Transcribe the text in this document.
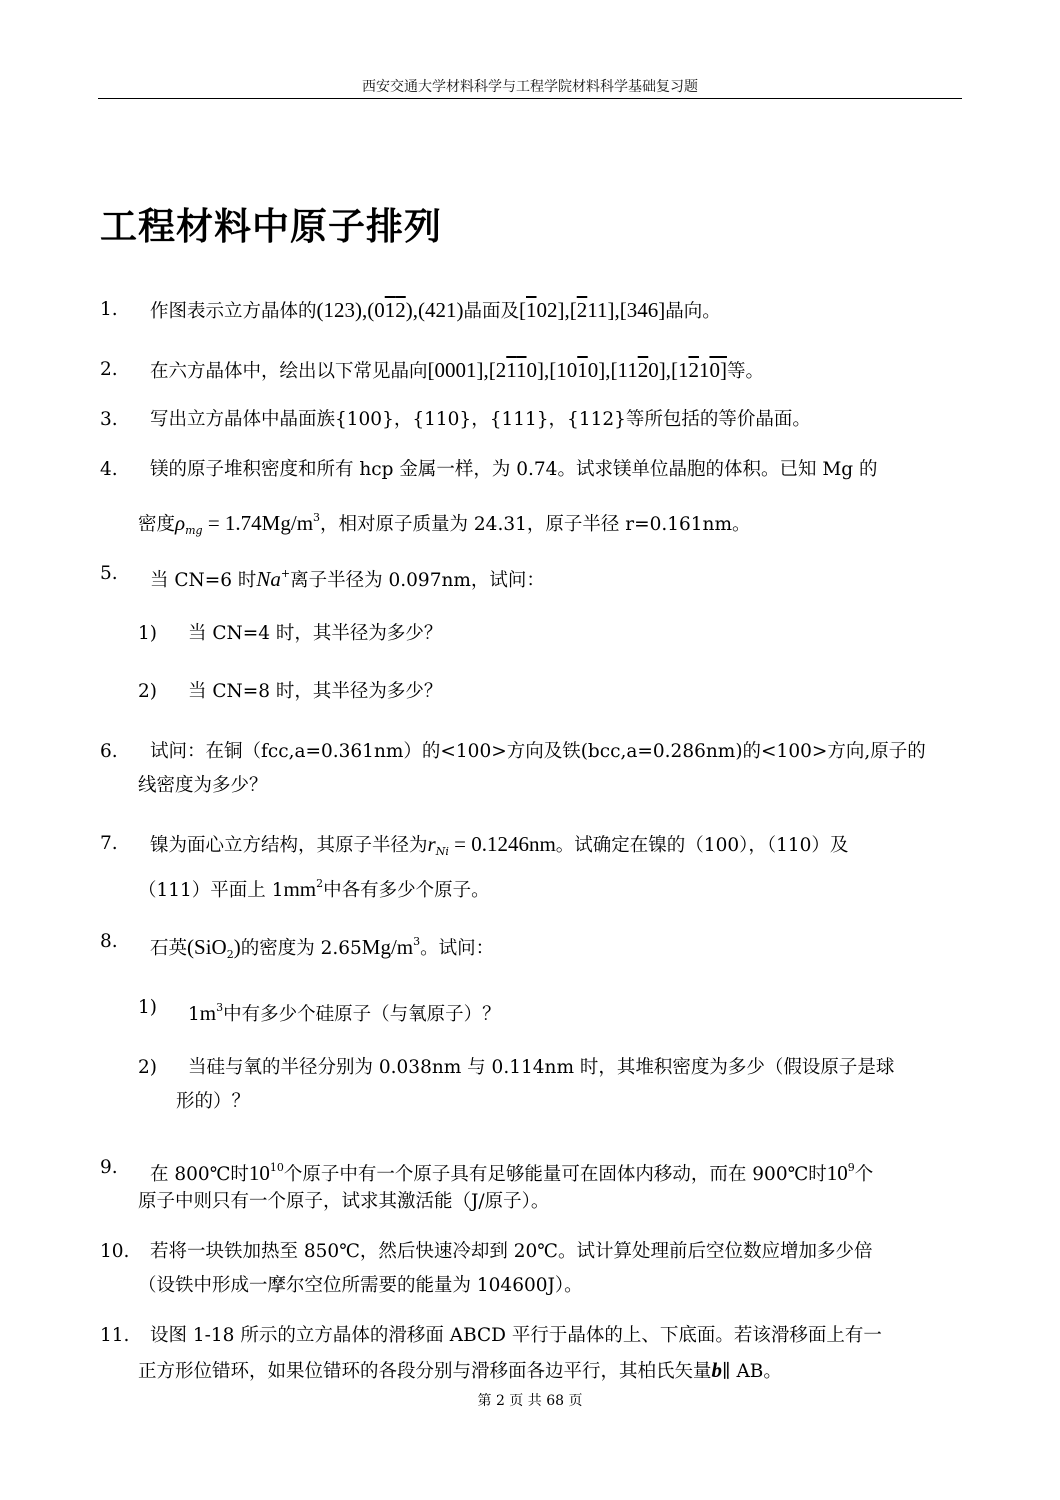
西安交通大学材料科学与工程学院材料科学基础复习题
工程材料中原子排列
1. 作图表示立方晶体的(123),(012),(421)晶面及[102],[211],[346]晶向。
2. 在六方晶体中，绘出以下常见晶向[0001],[2110],[1010],[1120],[1210]等。
3. 写出立方晶体中晶面族{100}，{110}，{111}，{112}等所包括的等价晶面。
4. 镁的原子堆积密度和所有 hcp 金属一样，为 0.74。试求镁单位晶胞的体积。已知 Mg 的
密度$\rho_{mg} = 1.74Mg/m^3$，相对原子质量为 24.31，原子半径 r=0.161nm。
5. 当 CN=6 时Na+离子半径为 0.097nm，试问：
1) 当 CN=4 时，其半径为多少？
2) 当 CN=8 时，其半径为多少？
6. 试问：在铜（fcc,a=0.361nm）的<100>方向及铁(bcc,a=0.286nm)的<100>方向,原子的
线密度为多少？
7. 镍为面心立方结构，其原子半径为$r_{Ni} = 0.1246nm$。试确定在镍的（100），（110）及
（111）平面上 $1mm^2$中各有多少个原子。
8. 石英(SiO$_2$)的密度为 $2.65Mg/m^3$。试问：
1) $1m^3$中有多少个硅原子（与氧原子）？
2) 当硅与氧的半径分别为 0.038nm 与 0.114nm 时，其堆积密度为多少（假设原子是球
形的）？
9. 在 800℃时$10^{10}$个原子中有一个原子具有足够能量可在固体内移动，而在 900℃时$10^9$个
原子中则只有一个原子，试求其激活能（J/原子）。
10. 若将一块铁加热至 850℃，然后快速冷却到 20℃。试计算处理前后空位数应增加多少倍
（设铁中形成一摩尔空位所需要的能量为 104600J）。
11. 设图 1-18 所示的立方晶体的滑移面 ABCD 平行于晶体的上、下底面。若该滑移面上有一
正方形位错环，如果位错环的各段分别与滑移面各边平行，其柏氏矢量b∥ AB。
第 2 页 共 68 页
